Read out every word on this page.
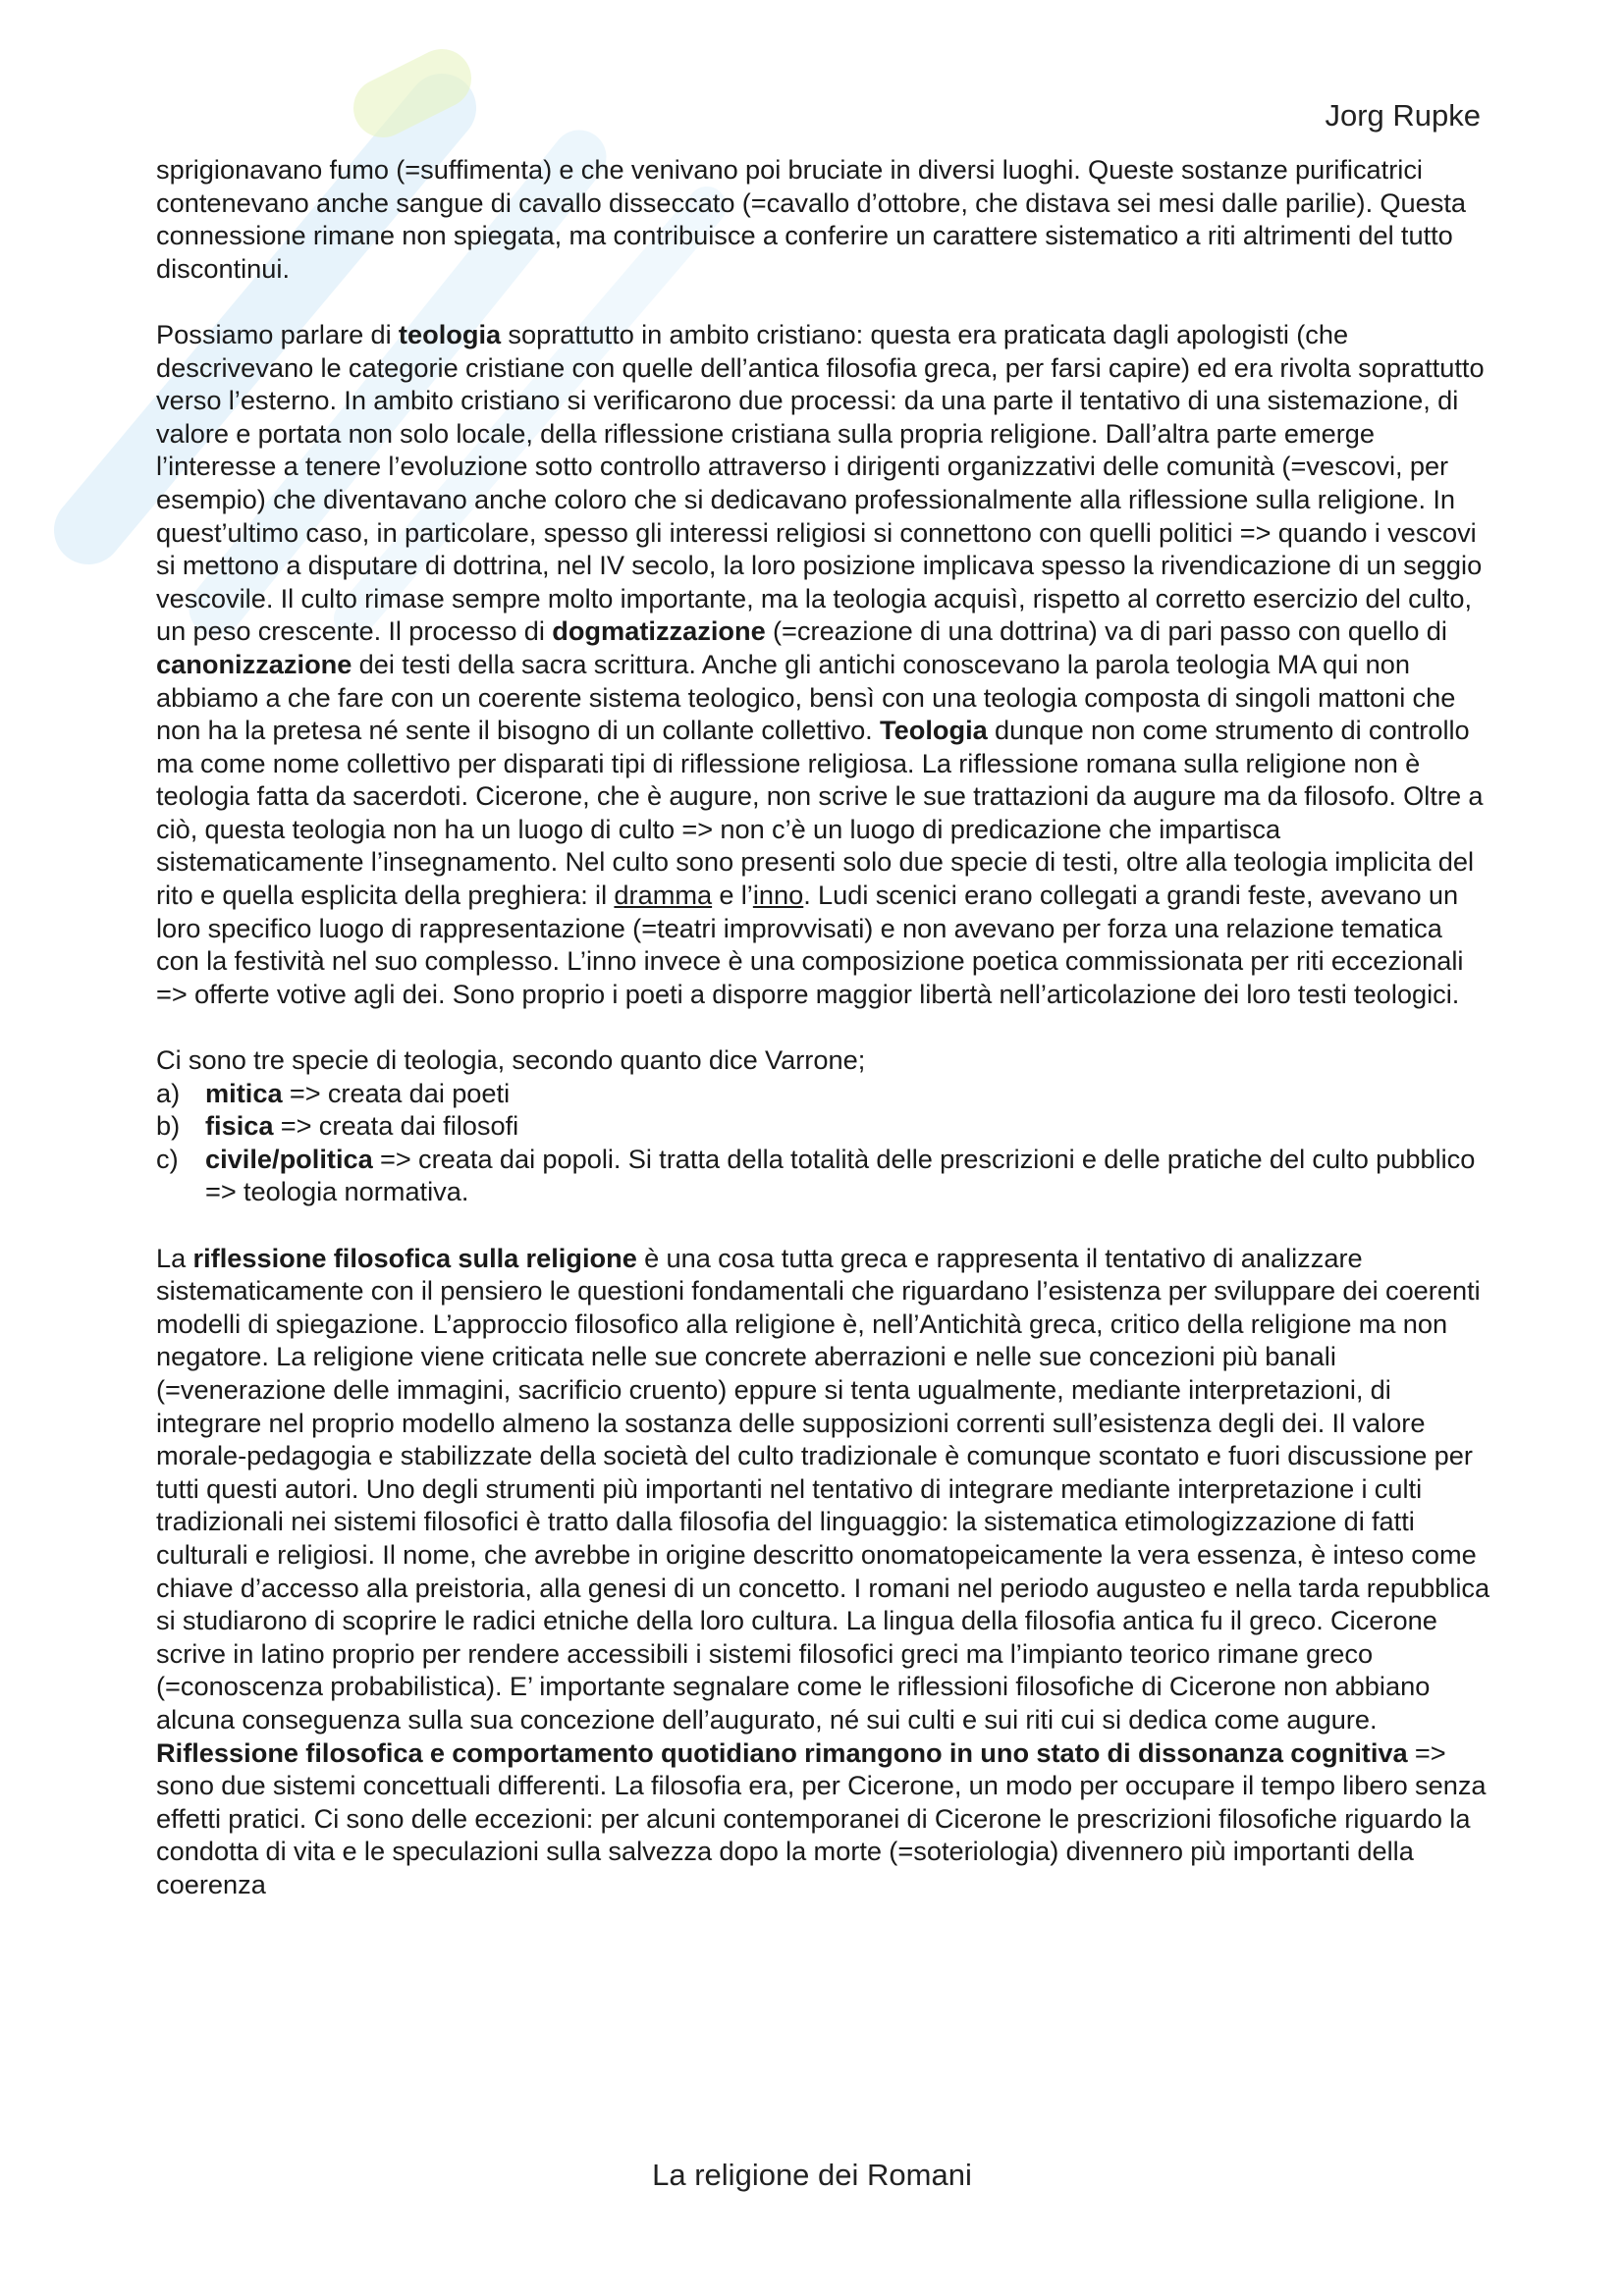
Jorg Rupke

sprigionavano fumo (=suffimenta) e che venivano poi bruciate in diversi luoghi. Queste sostanze purificatrici contenevano anche sangue di cavallo disseccato (=cavallo d’ottobre, che distava sei mesi dalle parilie). Questa connessione rimane non spiegata, ma contribuisce a conferire un carattere sistematico a riti altrimenti del tutto discontinui.

Possiamo parlare di teologia soprattutto in ambito cristiano: questa era praticata dagli apologisti (che descrivevano le categorie cristiane con quelle dell’antica filosofia greca, per farsi capire) ed era rivolta soprattutto verso l’esterno. In ambito cristiano si verificarono due processi: da una parte il tentativo di una sistemazione, di valore e portata non solo locale, della riflessione cristiana sulla propria religione. Dall’altra parte emerge l’interesse a tenere l’evoluzione sotto controllo attraverso i dirigenti organizzativi delle comunità (=vescovi, per esempio) che diventavano anche coloro che si dedicavano professionalmente alla riflessione sulla religione. In quest’ultimo caso, in particolare, spesso gli interessi religiosi si connettono con quelli politici => quando i vescovi si mettono a disputare di dottrina, nel IV secolo, la loro posizione implicava spesso la rivendicazione di un seggio vescovile. Il culto rimase sempre molto importante, ma la teologia acquisì, rispetto al corretto esercizio del culto, un peso crescente. Il processo di dogmatizzazione (=creazione di una dottrina) va di pari passo con quello di canonizzazione dei testi della sacra scrittura. Anche gli antichi conoscevano la parola teologia MA qui non abbiamo a che fare con un coerente sistema teologico, bensì con una teologia composta di singoli mattoni che non ha la pretesa né sente il bisogno di un collante collettivo. Teologia dunque non come strumento di controllo ma come nome collettivo per disparati tipi di riflessione religiosa. La riflessione romana sulla religione non è teologia fatta da sacerdoti. Cicerone, che è augure, non scrive le sue trattazioni da augure ma da filosofo. Oltre a ciò, questa teologia non ha un luogo di culto => non c’è un luogo di predicazione che impartisca sistematicamente l’insegnamento. Nel culto sono presenti solo due specie di testi, oltre alla teologia implicita del rito e quella esplicita della preghiera: il dramma e l’inno. Ludi scenici erano collegati a grandi feste, avevano un loro specifico luogo di rappresentazione (=teatri improvvisati) e non avevano per forza una relazione tematica con la festività nel suo complesso. L’inno invece è una composizione poetica commissionata per riti eccezionali => offerte votive agli dei. Sono proprio i poeti a disporre maggior libertà nell’articolazione dei loro testi teologici.

Ci sono tre specie di teologia, secondo quanto dice Varrone;

a) mitica => creata dai poeti
b) fisica => creata dai filosofi
c)	civile/politica => creata dai popoli. Si tratta della totalità delle prescrizioni e delle pratiche del culto pubblico => teologia normativa.

La riflessione filosofica sulla religione è una cosa tutta greca e rappresenta il tentativo di analizzare sistematicamente con il pensiero le questioni fondamentali che riguardano l’esistenza per sviluppare dei coerenti modelli di spiegazione. L’approccio filosofico alla religione è, nell’Antichità greca, critico della religione ma non negatore. La religione viene criticata nelle sue concrete aberrazioni e nelle sue concezioni più banali (=venerazione delle immagini, sacrificio cruento) eppure si tenta ugualmente, mediante interpretazioni, di integrare nel proprio modello almeno la sostanza delle supposizioni correnti sull’esistenza degli dei. Il valore morale-pedagogia e stabilizzate della società del culto tradizionale è comunque scontato e fuori discussione per tutti questi autori. Uno degli strumenti più importanti nel tentativo di integrare mediante interpretazione i culti tradizionali nei sistemi filosofici è tratto dalla filosofia del linguaggio: la sistematica etimologizzazione di fatti culturali e religiosi. Il nome, che avrebbe in origine descritto onomatopeicamente la vera essenza, è inteso come chiave d’accesso alla preistoria, alla genesi di un concetto. I romani nel periodo augusteo e nella tarda repubblica si studiarono di scoprire le radici etniche della loro cultura. La lingua della filosofia antica fu il greco. Cicerone scrive in latino proprio per rendere accessibili i sistemi filosofici greci ma l’impianto teorico rimane greco (=conoscenza probabilistica). E’ importante segnalare come le riflessioni filosofiche di Cicerone non abbiano alcuna conseguenza sulla sua concezione dell’augurato, né sui culti e sui riti cui si dedica come augure. Riflessione filosofica e comportamento quotidiano rimangono in uno stato di dissonanza cognitiva => sono due sistemi concettuali differenti. La filosofia era, per Cicerone, un modo per occupare il tempo libero senza effetti pratici. Ci sono delle eccezioni: per alcuni contemporanei di Cicerone le prescrizioni filosofiche riguardo la condotta di vita e le speculazioni sulla salvezza dopo la morte (=soteriologia) divennero più importanti della coerenza

La religione dei Romani
